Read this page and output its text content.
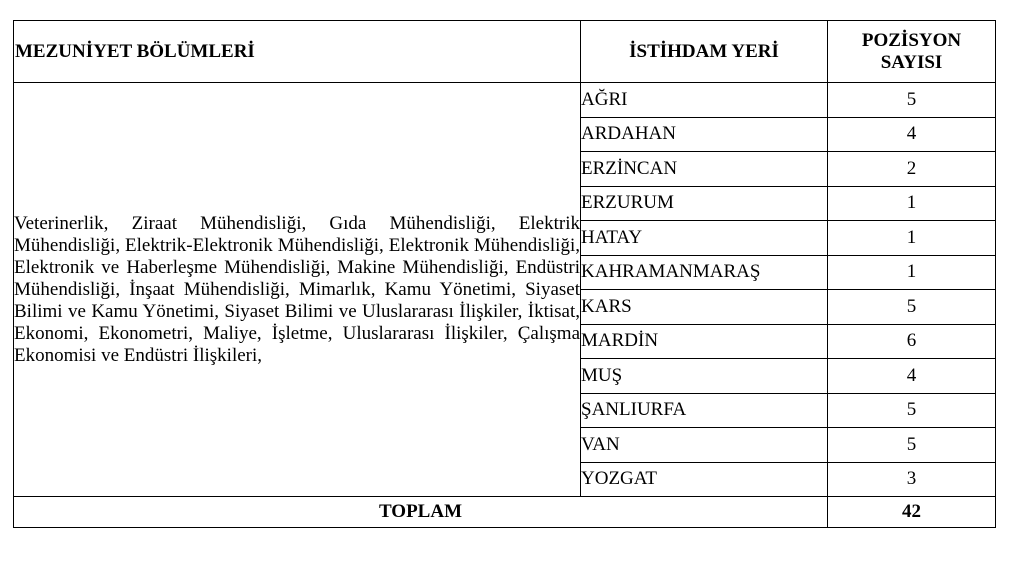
MEZUNİYET BÖLÜMLERİ	İSTİHDAM YERİ	POZİSYON SAYISI
Veterinerlik, Ziraat Mühendisliği, Gıda Mühendisliği, Elektrik Mühendisliği, Elektrik-Elektronik Mühendisliği, Elektronik Mühendisliği, Elektronik ve Haberleşme Mühendisliği, Makine Mühendisliği, Endüstri Mühendisliği, İnşaat Mühendisliği, Mimarlık, Kamu Yönetimi, Siyaset Bilimi ve Kamu Yönetimi, Siyaset Bilimi ve Uluslararası İlişkiler, İktisat, Ekonomi, Ekonometri, Maliye, İşletme, Uluslararası İlişkiler, Çalışma Ekonomisi ve Endüstri İlişkileri,	AĞRI	5
	ARDAHAN	4
	ERZİNCAN	2
	ERZURUM	1
	HATAY	1
	KAHRAMANMARAŞ	1
	KARS	5
	MARDİN	6
	MUŞ	4
	ŞANLIURFA	5
	VAN	5
	YOZGAT	3
TOPLAM		42
